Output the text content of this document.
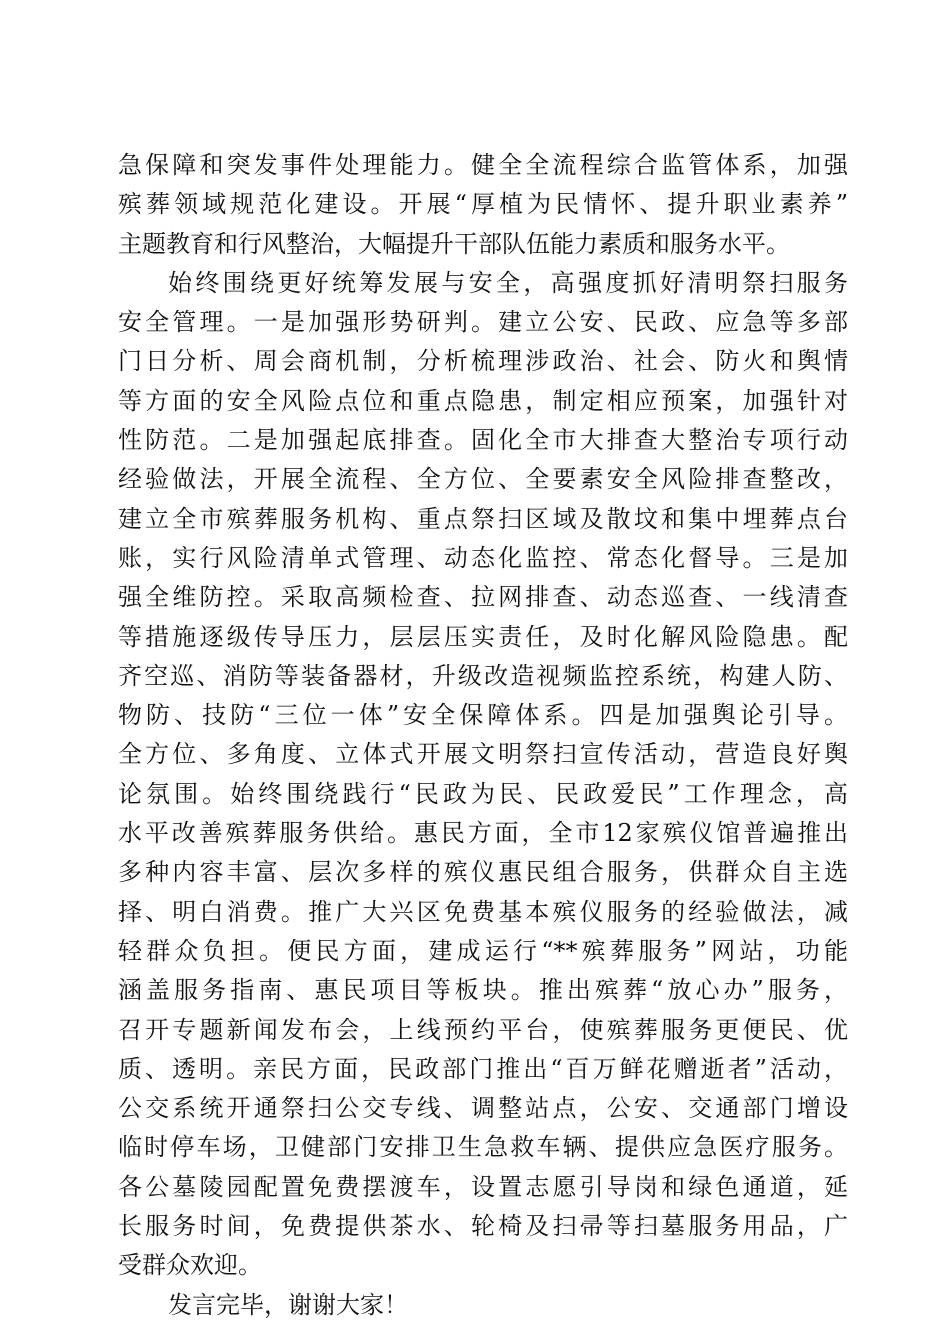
急保障和突发事件处理能力。健全全流程综合监管体系，加强
殡葬领域规范化建设。开展“厚植为民情怀、提升职业素养”
主题教育和行风整治，大幅提升干部队伍能力素质和服务水平。
始终围绕更好统筹发展与安全，高强度抓好清明祭扫服务
安全管理。一是加强形势研判。建立公安、民政、应急等多部
门日分析、周会商机制，分析梳理涉政治、社会、防火和舆情
等方面的安全风险点位和重点隐患，制定相应预案，加强针对
性防范。二是加强起底排查。固化全市大排查大整治专项行动
经验做法，开展全流程、全方位、全要素安全风险排查整改，
建立全市殡葬服务机构、重点祭扫区域及散坟和集中埋葬点台
账，实行风险清单式管理、动态化监控、常态化督导。三是加
强全维防控。采取高频检查、拉网排查、动态巡查、一线清查
等措施逐级传导压力，层层压实责任，及时化解风险隐患。配
齐空巡、消防等装备器材，升级改造视频监控系统，构建人防、
物防、技防“三位一体”安全保障体系。四是加强舆论引导。
全方位、多角度、立体式开展文明祭扫宣传活动，营造良好舆
论氛围。始终围绕践行“民政为民、民政爱民”工作理念，高
水平改善殡葬服务供给。惠民方面，全市12家殡仪馆普遍推出
多种内容丰富、层次多样的殡仪惠民组合服务，供群众自主选
择、明白消费。推广大兴区免费基本殡仪服务的经验做法，减
轻群众负担。便民方面，建成运行“**殡葬服务”网站，功能
涵盖服务指南、惠民项目等板块。推出殡葬“放心办”服务，
召开专题新闻发布会，上线预约平台，使殡葬服务更便民、优
质、透明。亲民方面，民政部门推出“百万鲜花赠逝者”活动，
公交系统开通祭扫公交专线、调整站点，公安、交通部门增设
临时停车场，卫健部门安排卫生急救车辆、提供应急医疗服务。
各公墓陵园配置免费摆渡车，设置志愿引导岗和绿色通道，延
长服务时间，免费提供茶水、轮椅及扫帚等扫墓服务用品，广
受群众欢迎。
发言完毕，谢谢大家！
